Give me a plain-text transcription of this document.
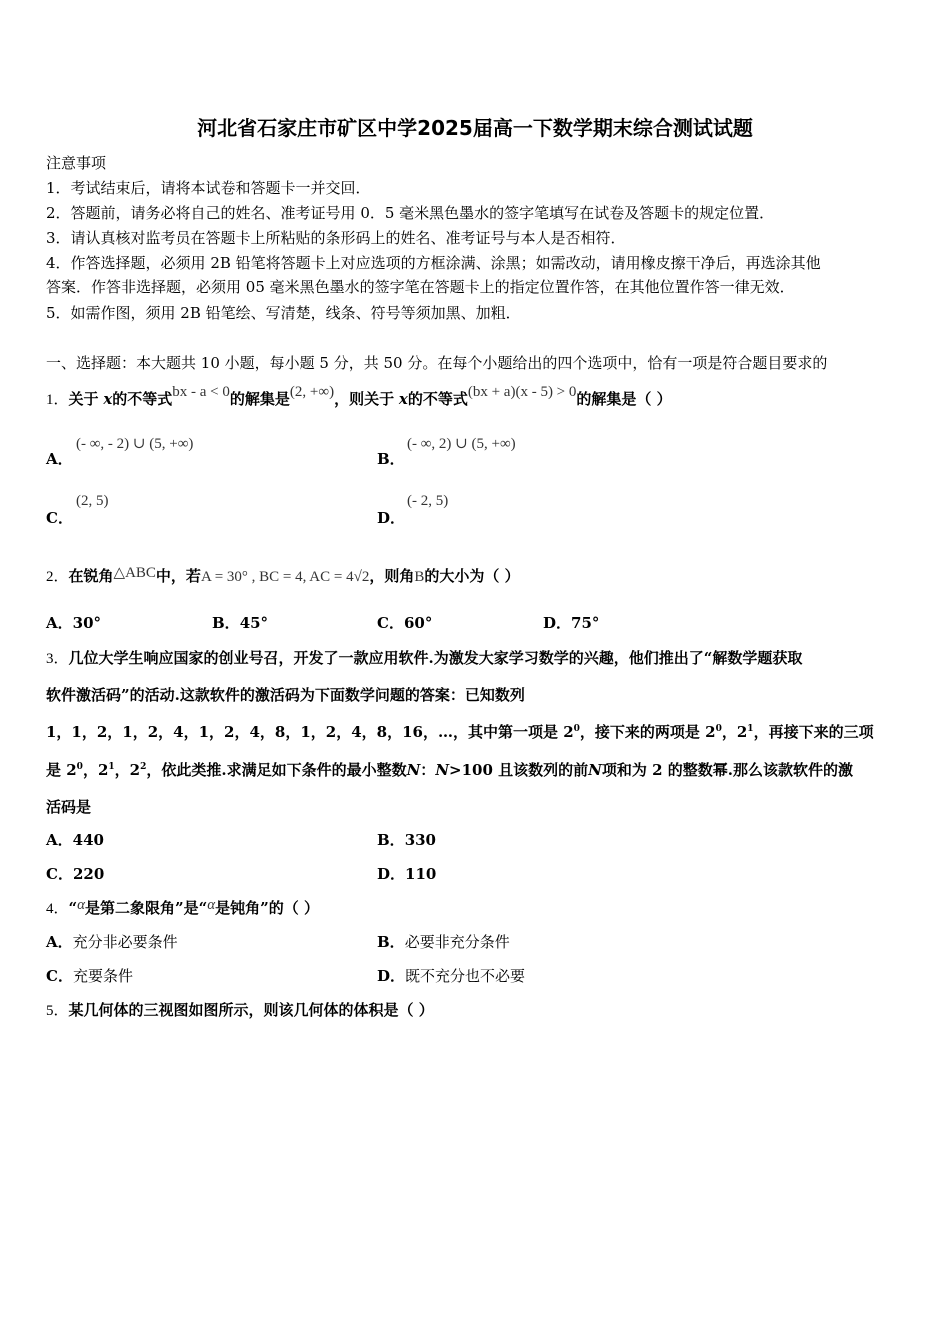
河北省石家庄市矿区中学2025届高一下数学期末综合测试试题
注意事项
1．考试结束后，请将本试卷和答题卡一并交回．
2．答题前，请务必将自己的姓名、准考证号用 0．5 毫米黑色墨水的签字笔填写在试卷及答题卡的规定位置．
3．请认真核对监考员在答题卡上所粘贴的条形码上的姓名、准考证号与本人是否相符．
4．作答选择题，必须用 2B 铅笔将答题卡上对应选项的方框涂满、涂黑；如需改动，请用橡皮擦干净后，再选涂其他
答案．作答非选择题，必须用 05 毫米黑色墨水的签字笔在答题卡上的指定位置作答，在其他位置作答一律无效．
5．如需作图，须用 2B 铅笔绘、写清楚，线条、符号等须加黑、加粗．
一、选择题：本大题共 10 小题，每小题 5 分，共 50 分。在每个小题给出的四个选项中，恰有一项是符合题目要求的
1．关于 x的不等式bx - a < 0的解集是(2, +∞)，则关于 x的不等式(bx + a)(x - 5) > 0的解集是（ ）
A．
(- ∞, - 2) ∪ (5, +∞)
B．
(- ∞, 2) ∪ (5, +∞)
C．
(2, 5)
D．
(- 2, 5)
2．在锐角△ABC中，若A = 30° , BC = 4, AC = 4√2，则角B的大小为（ ）
A．30°	B．45°	C．60°	D．75°
3．几位大学生响应国家的创业号召，开发了一款应用软件.为激发大家学习数学的兴趣，他们推出了“解数学题获取
软件激活码”的活动.这款软件的激活码为下面数学问题的答案：已知数列
1，1，2，1，2，4，1，2，4，8，1，2，4，8，16，…，其中第一项是 $2^0$，接下来的两项是 $2^0$，$2^1$，再接下来的三项
是 $2^0$，$2^1$，$2^2$，依此类推.求满足如下条件的最小整数N：N>100 且该数列的前N项和为 2 的整数幂.那么该款软件的激
活码是
A．440	B．330
C．220	D．110
4．“α是第二象限角”是“α是钝角”的（ ）
A．充分非必要条件	B．必要非充分条件
C．充要条件	D．既不充分也不必要
5．某几何体的三视图如图所示，则该几何体的体积是（ ）
